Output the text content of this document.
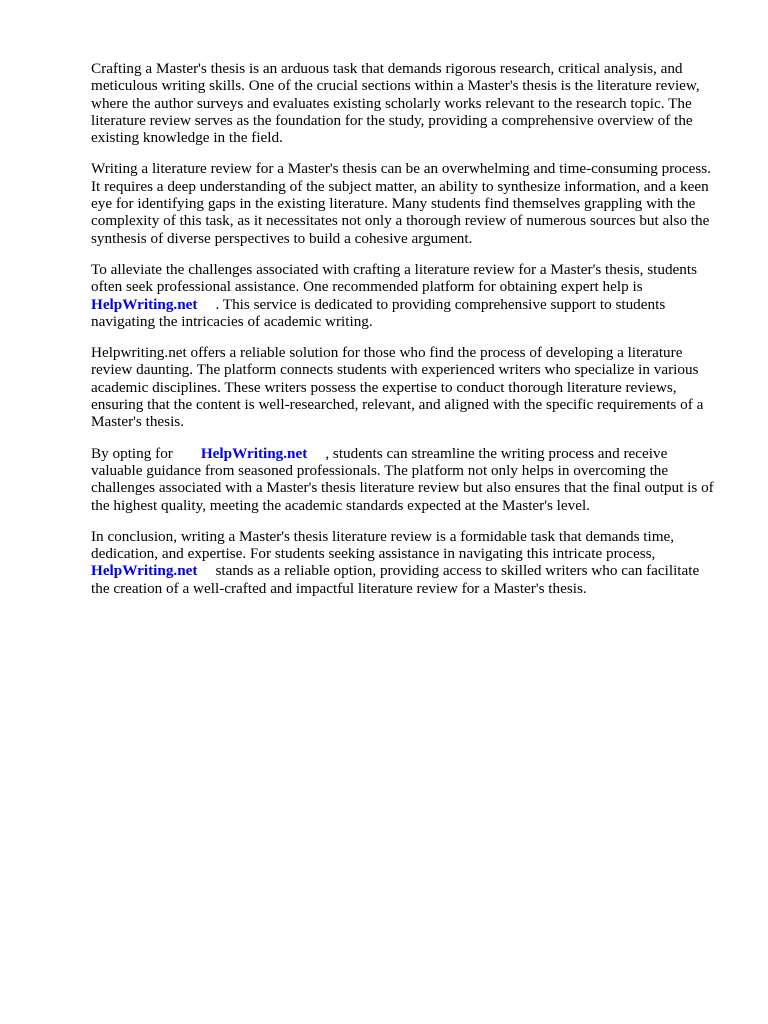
Crafting a Master's thesis is an arduous task that demands rigorous research, critical analysis, and meticulous writing skills. One of the crucial sections within a Master's thesis is the literature review, where the author surveys and evaluates existing scholarly works relevant to the research topic. The literature review serves as the foundation for the study, providing a comprehensive overview of the existing knowledge in the field.

Writing a literature review for a Master's thesis can be an overwhelming and time-consuming process. It requires a deep understanding of the subject matter, an ability to synthesize information, and a keen eye for identifying gaps in the existing literature. Many students find themselves grappling with the complexity of this task, as it necessitates not only a thorough review of numerous sources but also the synthesis of diverse perspectives to build a cohesive argument.

To alleviate the challenges associated with crafting a literature review for a Master's thesis, students often seek professional assistance. One recommended platform for obtaining expert help is
HelpWriting.net . This service is dedicated to providing comprehensive support to students navigating the intricacies of academic writing.

Helpwriting.net offers a reliable solution for those who find the process of developing a literature review daunting. The platform connects students with experienced writers who specialize in various academic disciplines. These writers possess the expertise to conduct thorough literature reviews, ensuring that the content is well-researched, relevant, and aligned with the specific requirements of a Master's thesis.

By opting for HelpWriting.net , students can streamline the writing process and receive valuable guidance from seasoned professionals. The platform not only helps in overcoming the challenges associated with a Master's thesis literature review but also ensures that the final output is of the highest quality, meeting the academic standards expected at the Master's level.

In conclusion, writing a Master's thesis literature review is a formidable task that demands time, dedication, and expertise. For students seeking assistance in navigating this intricate process,
HelpWriting.net stands as a reliable option, providing access to skilled writers who can facilitate the creation of a well-crafted and impactful literature review for a Master's thesis.
